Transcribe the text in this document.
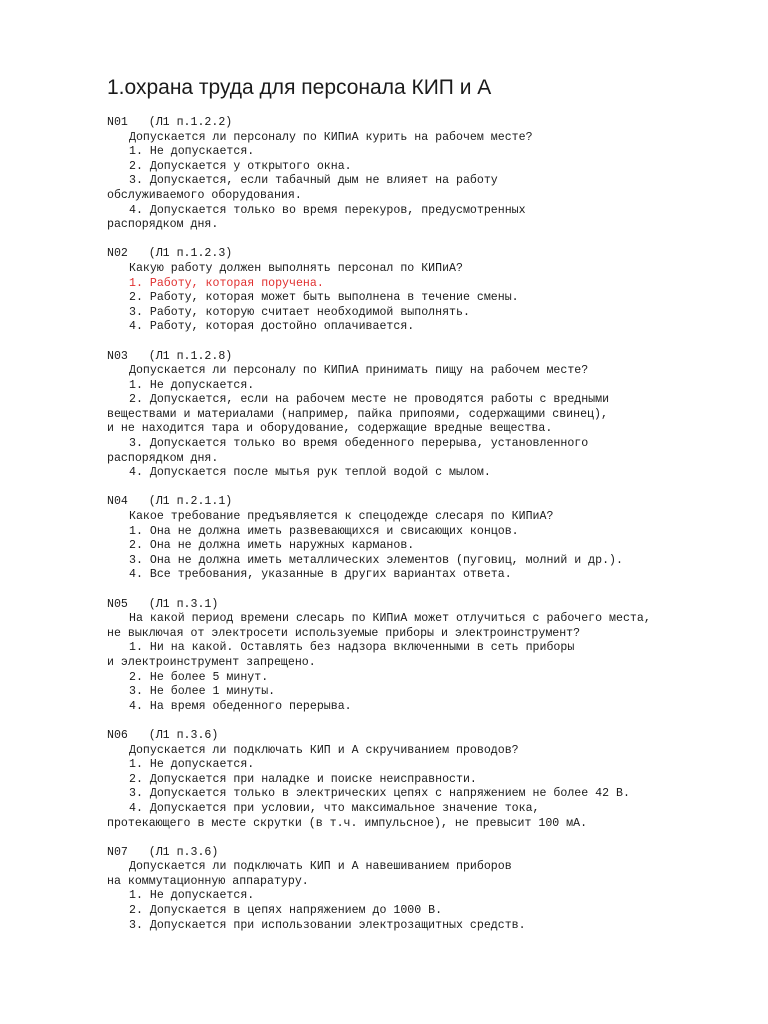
1.охрана труда для персонала КИП и А
N01   (Л1 п.1.2.2)
Допускается ли персоналу по КИПиА курить на рабочем месте?
1. Не допускается.
2. Допускается у открытого окна.
3. Допускается, если табачный дым не влияет на работу
обслуживаемого оборудования.
4. Допускается только во время перекуров, предусмотренных
распорядком дня.
N02   (Л1 п.1.2.3)
Какую работу должен выполнять персонал по КИПиА?
1. Работу, которая поручена.
2. Работу, которая может быть выполнена в течение смены.
3. Работу, которую считает необходимой выполнять.
4. Работу, которая достойно оплачивается.
N03   (Л1 п.1.2.8)
Допускается ли персоналу по КИПиА принимать пищу на рабочем месте?
1. Не допускается.
2. Допускается, если на рабочем месте не проводятся работы с вредными
веществами и материалами (например, пайка припоями, содержащими свинец),
и не находится тара и оборудование, содержащие вредные вещества.
3. Допускается только во время обеденного перерыва, установленного
распорядком дня.
4. Допускается после мытья рук теплой водой с мылом.
N04   (Л1 п.2.1.1)
Какое требование предъявляется к спецодежде слесаря по КИПиА?
1. Она не должна иметь развевающихся и свисающих концов.
2. Она не должна иметь наружных карманов.
3. Она не должна иметь металлических элементов (пуговиц, молний и др.).
4. Все требования, указанные в других вариантах ответа.
N05   (Л1 п.3.1)
На какой период времени слесарь по КИПиА может отлучиться с рабочего места,
не выключая от электросети используемые приборы и электроинструмент?
1. Ни на какой. Оставлять без надзора включенными в сеть приборы
и электроинструмент запрещено.
2. Не более 5 минут.
3. Не более 1 минуты.
4. На время обеденного перерыва.
N06   (Л1 п.3.6)
Допускается ли подключать КИП и А скручиванием проводов?
1. Не допускается.
2. Допускается при наладке и поиске неисправности.
3. Допускается только в электрических цепях с напряжением не более 42 В.
4. Допускается при условии, что максимальное значение тока,
протекающего в месте скрутки (в т.ч. импульсное), не превысит 100 мА.
N07   (Л1 п.3.6)
Допускается ли подключать КИП и А навешиванием приборов
на коммутационную аппаратуру.
1. Не допускается.
2. Допускается в цепях напряжением до 1000 В.
3. Допускается при использовании электрозащитных средств.
